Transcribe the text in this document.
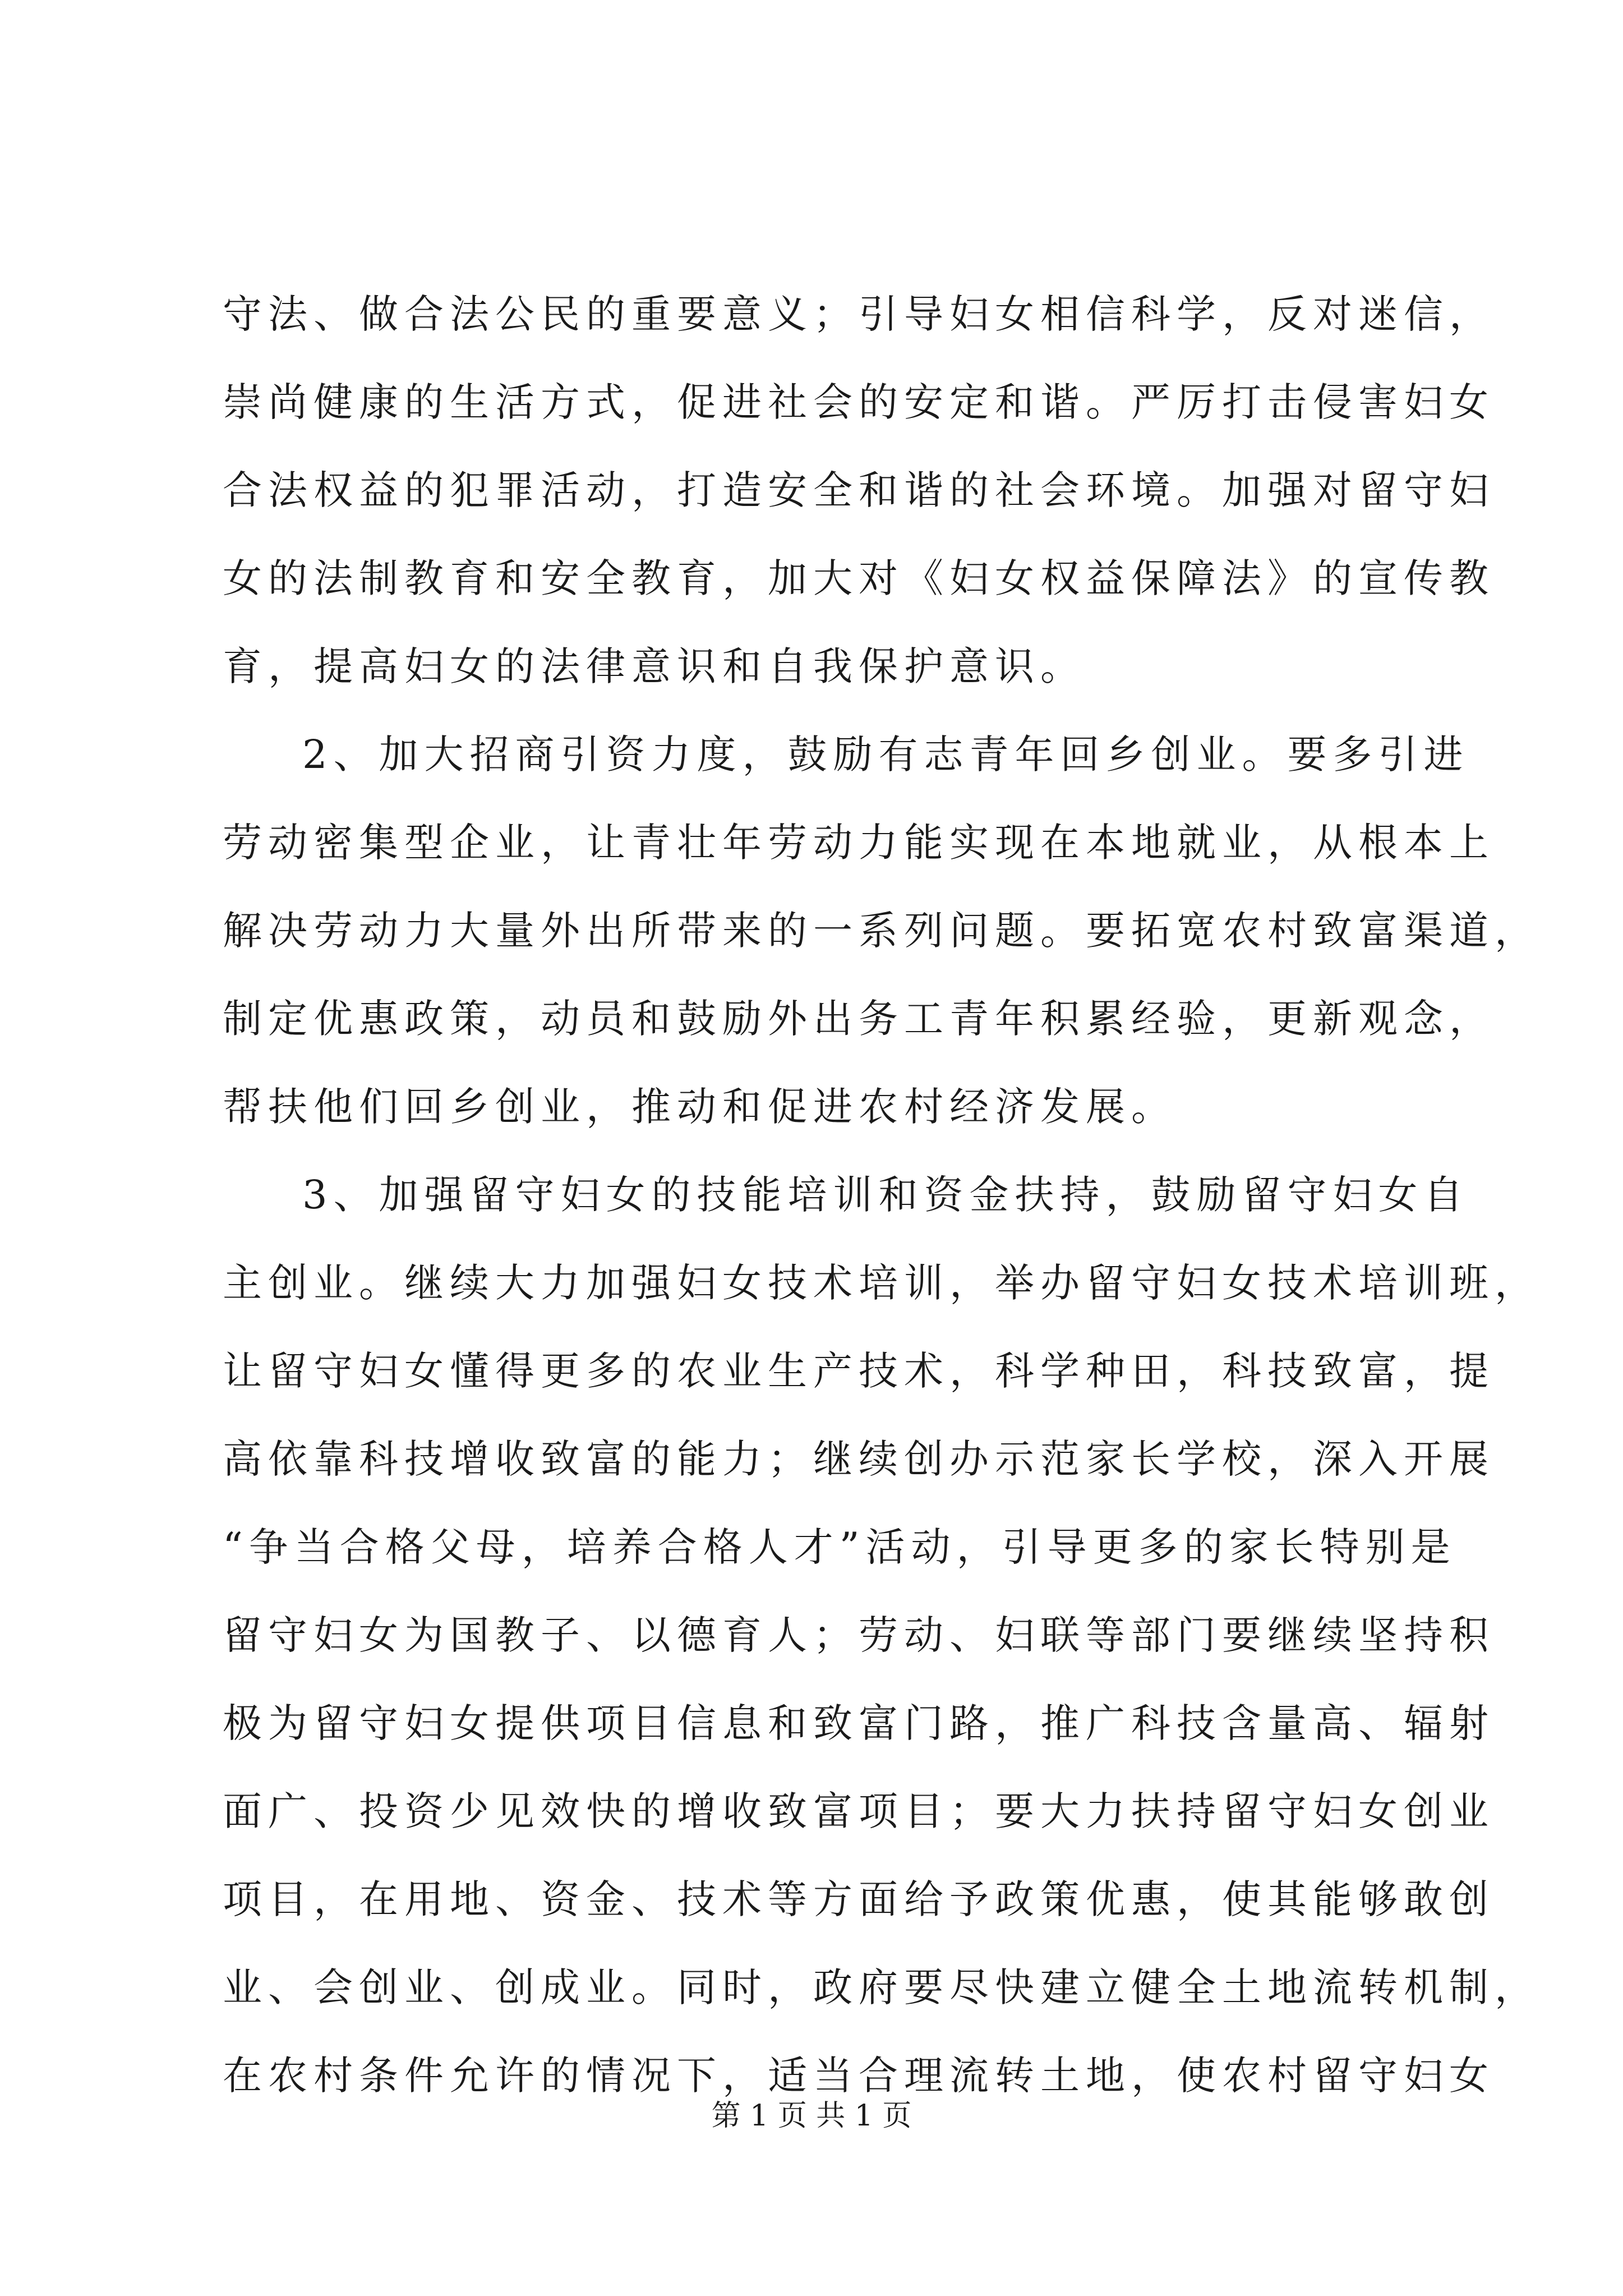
守法、做合法公民的重要意义；引导妇女相信科学，反对迷信，
崇尚健康的生活方式，促进社会的安定和谐。严厉打击侵害妇女
合法权益的犯罪活动，打造安全和谐的社会环境。加强对留守妇
女的法制教育和安全教育，加大对《妇女权益保障法》的宣传教
育，提高妇女的法律意识和自我保护意识。
2、加大招商引资力度，鼓励有志青年回乡创业。要多引进
劳动密集型企业，让青壮年劳动力能实现在本地就业，从根本上
解决劳动力大量外出所带来的一系列问题。要拓宽农村致富渠道，
制定优惠政策，动员和鼓励外出务工青年积累经验，更新观念，
帮扶他们回乡创业，推动和促进农村经济发展。
3、加强留守妇女的技能培训和资金扶持，鼓励留守妇女自
主创业。继续大力加强妇女技术培训，举办留守妇女技术培训班，
让留守妇女懂得更多的农业生产技术，科学种田，科技致富，提
高依靠科技增收致富的能力；继续创办示范家长学校，深入开展
“争当合格父母，培养合格人才”活动，引导更多的家长特别是
留守妇女为国教子、以德育人；劳动、妇联等部门要继续坚持积
极为留守妇女提供项目信息和致富门路，推广科技含量高、辐射
面广、投资少见效快的增收致富项目；要大力扶持留守妇女创业
项目，在用地、资金、技术等方面给予政策优惠，使其能够敢创
业、会创业、创成业。同时，政府要尽快建立健全土地流转机制，
在农村条件允许的情况下，适当合理流转土地，使农村留守妇女
第 1 页 共 1 页
